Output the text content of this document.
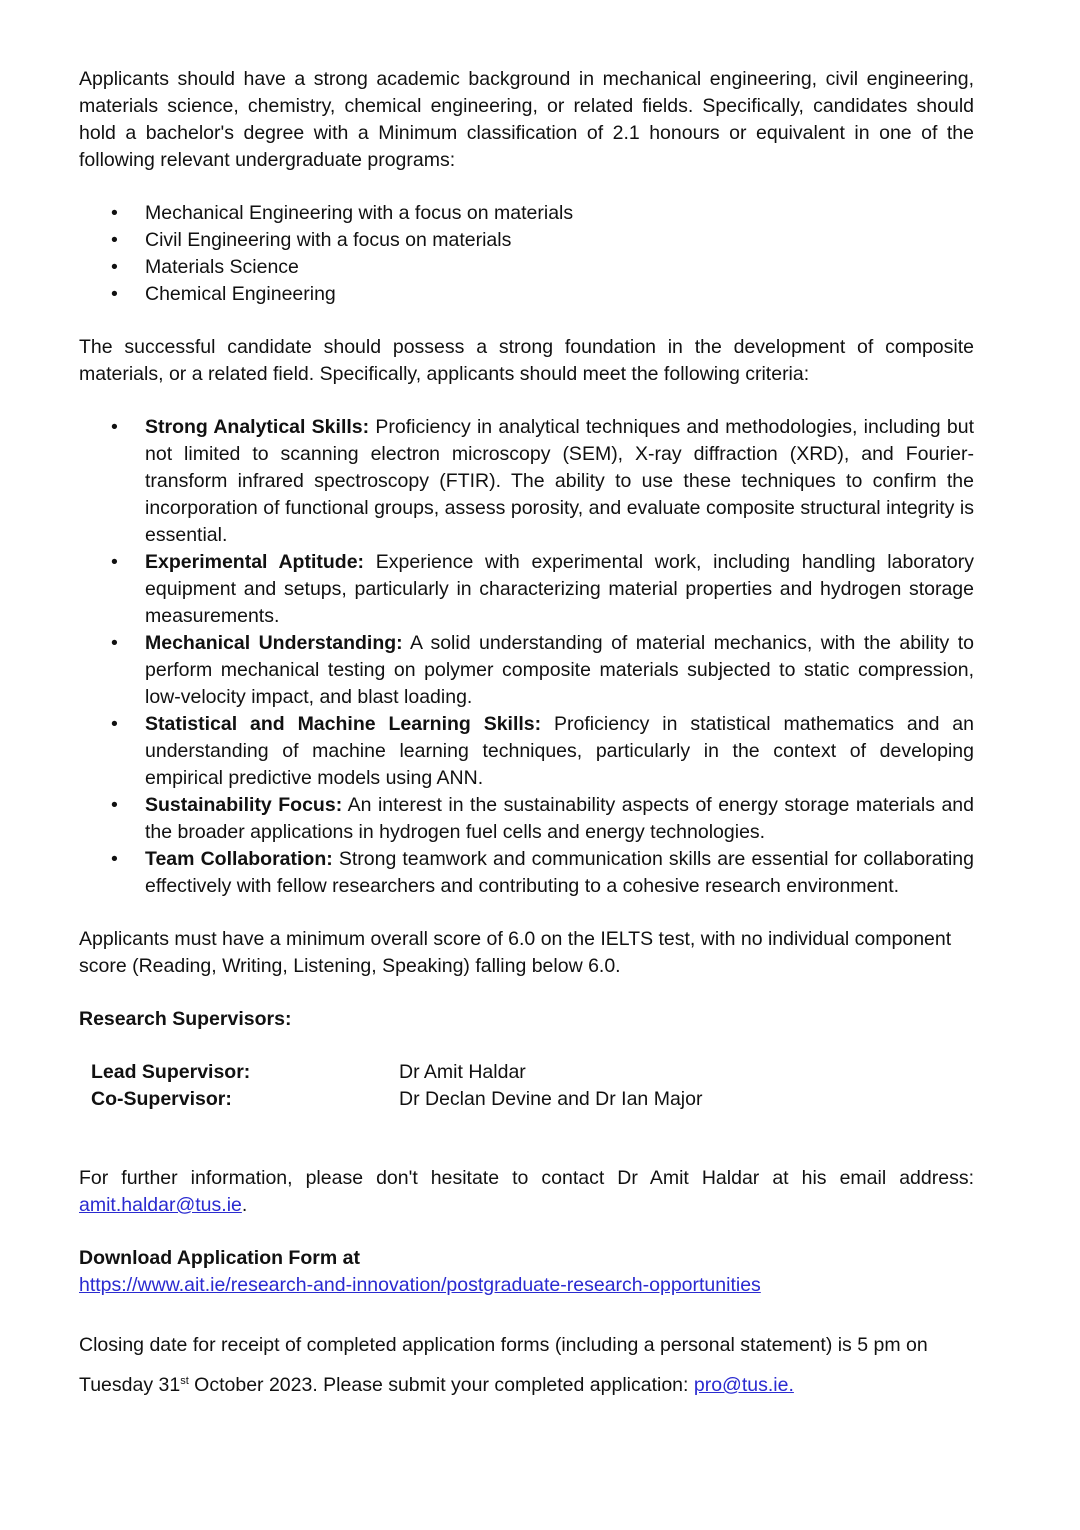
Applicants should have a strong academic background in mechanical engineering, civil engineering, materials science, chemistry, chemical engineering, or related fields. Specifically, candidates should hold a bachelor's degree with a Minimum classification of 2.1 honours or equivalent in one of the following relevant undergraduate programs:

• Mechanical Engineering with a focus on materials
• Civil Engineering with a focus on materials
• Materials Science
• Chemical Engineering

The successful candidate should possess a strong foundation in the development of composite materials, or a related field. Specifically, applicants should meet the following criteria:

• Strong Analytical Skills: Proficiency in analytical techniques and methodologies, including but not limited to scanning electron microscopy (SEM), X-ray diffraction (XRD), and Fourier-transform infrared spectroscopy (FTIR). The ability to use these techniques to confirm the incorporation of functional groups, assess porosity, and evaluate composite structural integrity is essential.
• Experimental Aptitude: Experience with experimental work, including handling laboratory equipment and setups, particularly in characterizing material properties and hydrogen storage measurements.
• Mechanical Understanding: A solid understanding of material mechanics, with the ability to perform mechanical testing on polymer composite materials subjected to static compression, low-velocity impact, and blast loading.
• Statistical and Machine Learning Skills: Proficiency in statistical mathematics and an understanding of machine learning techniques, particularly in the context of developing empirical predictive models using ANN.
• Sustainability Focus: An interest in the sustainability aspects of energy storage materials and the broader applications in hydrogen fuel cells and energy technologies.
• Team Collaboration: Strong teamwork and communication skills are essential for collaborating effectively with fellow researchers and contributing to a cohesive research environment.

Applicants must have a minimum overall score of 6.0 on the IELTS test, with no individual component score (Reading, Writing, Listening, Speaking) falling below 6.0.

Research Supervisors:
Lead Supervisor:	Dr Amit Haldar
Co-Supervisor:	Dr Declan Devine and Dr Ian Major

For further information, please don't hesitate to contact Dr Amit Haldar at his email address: amit.haldar@tus.ie.

Download Application Form at

https://www.ait.ie/research-and-innovation/postgraduate-research-opportunities

Closing date for receipt of completed application forms (including a personal statement) is 5 pm on
Tuesday 31st October 2023. Please submit your completed application: pro@tus.ie.
